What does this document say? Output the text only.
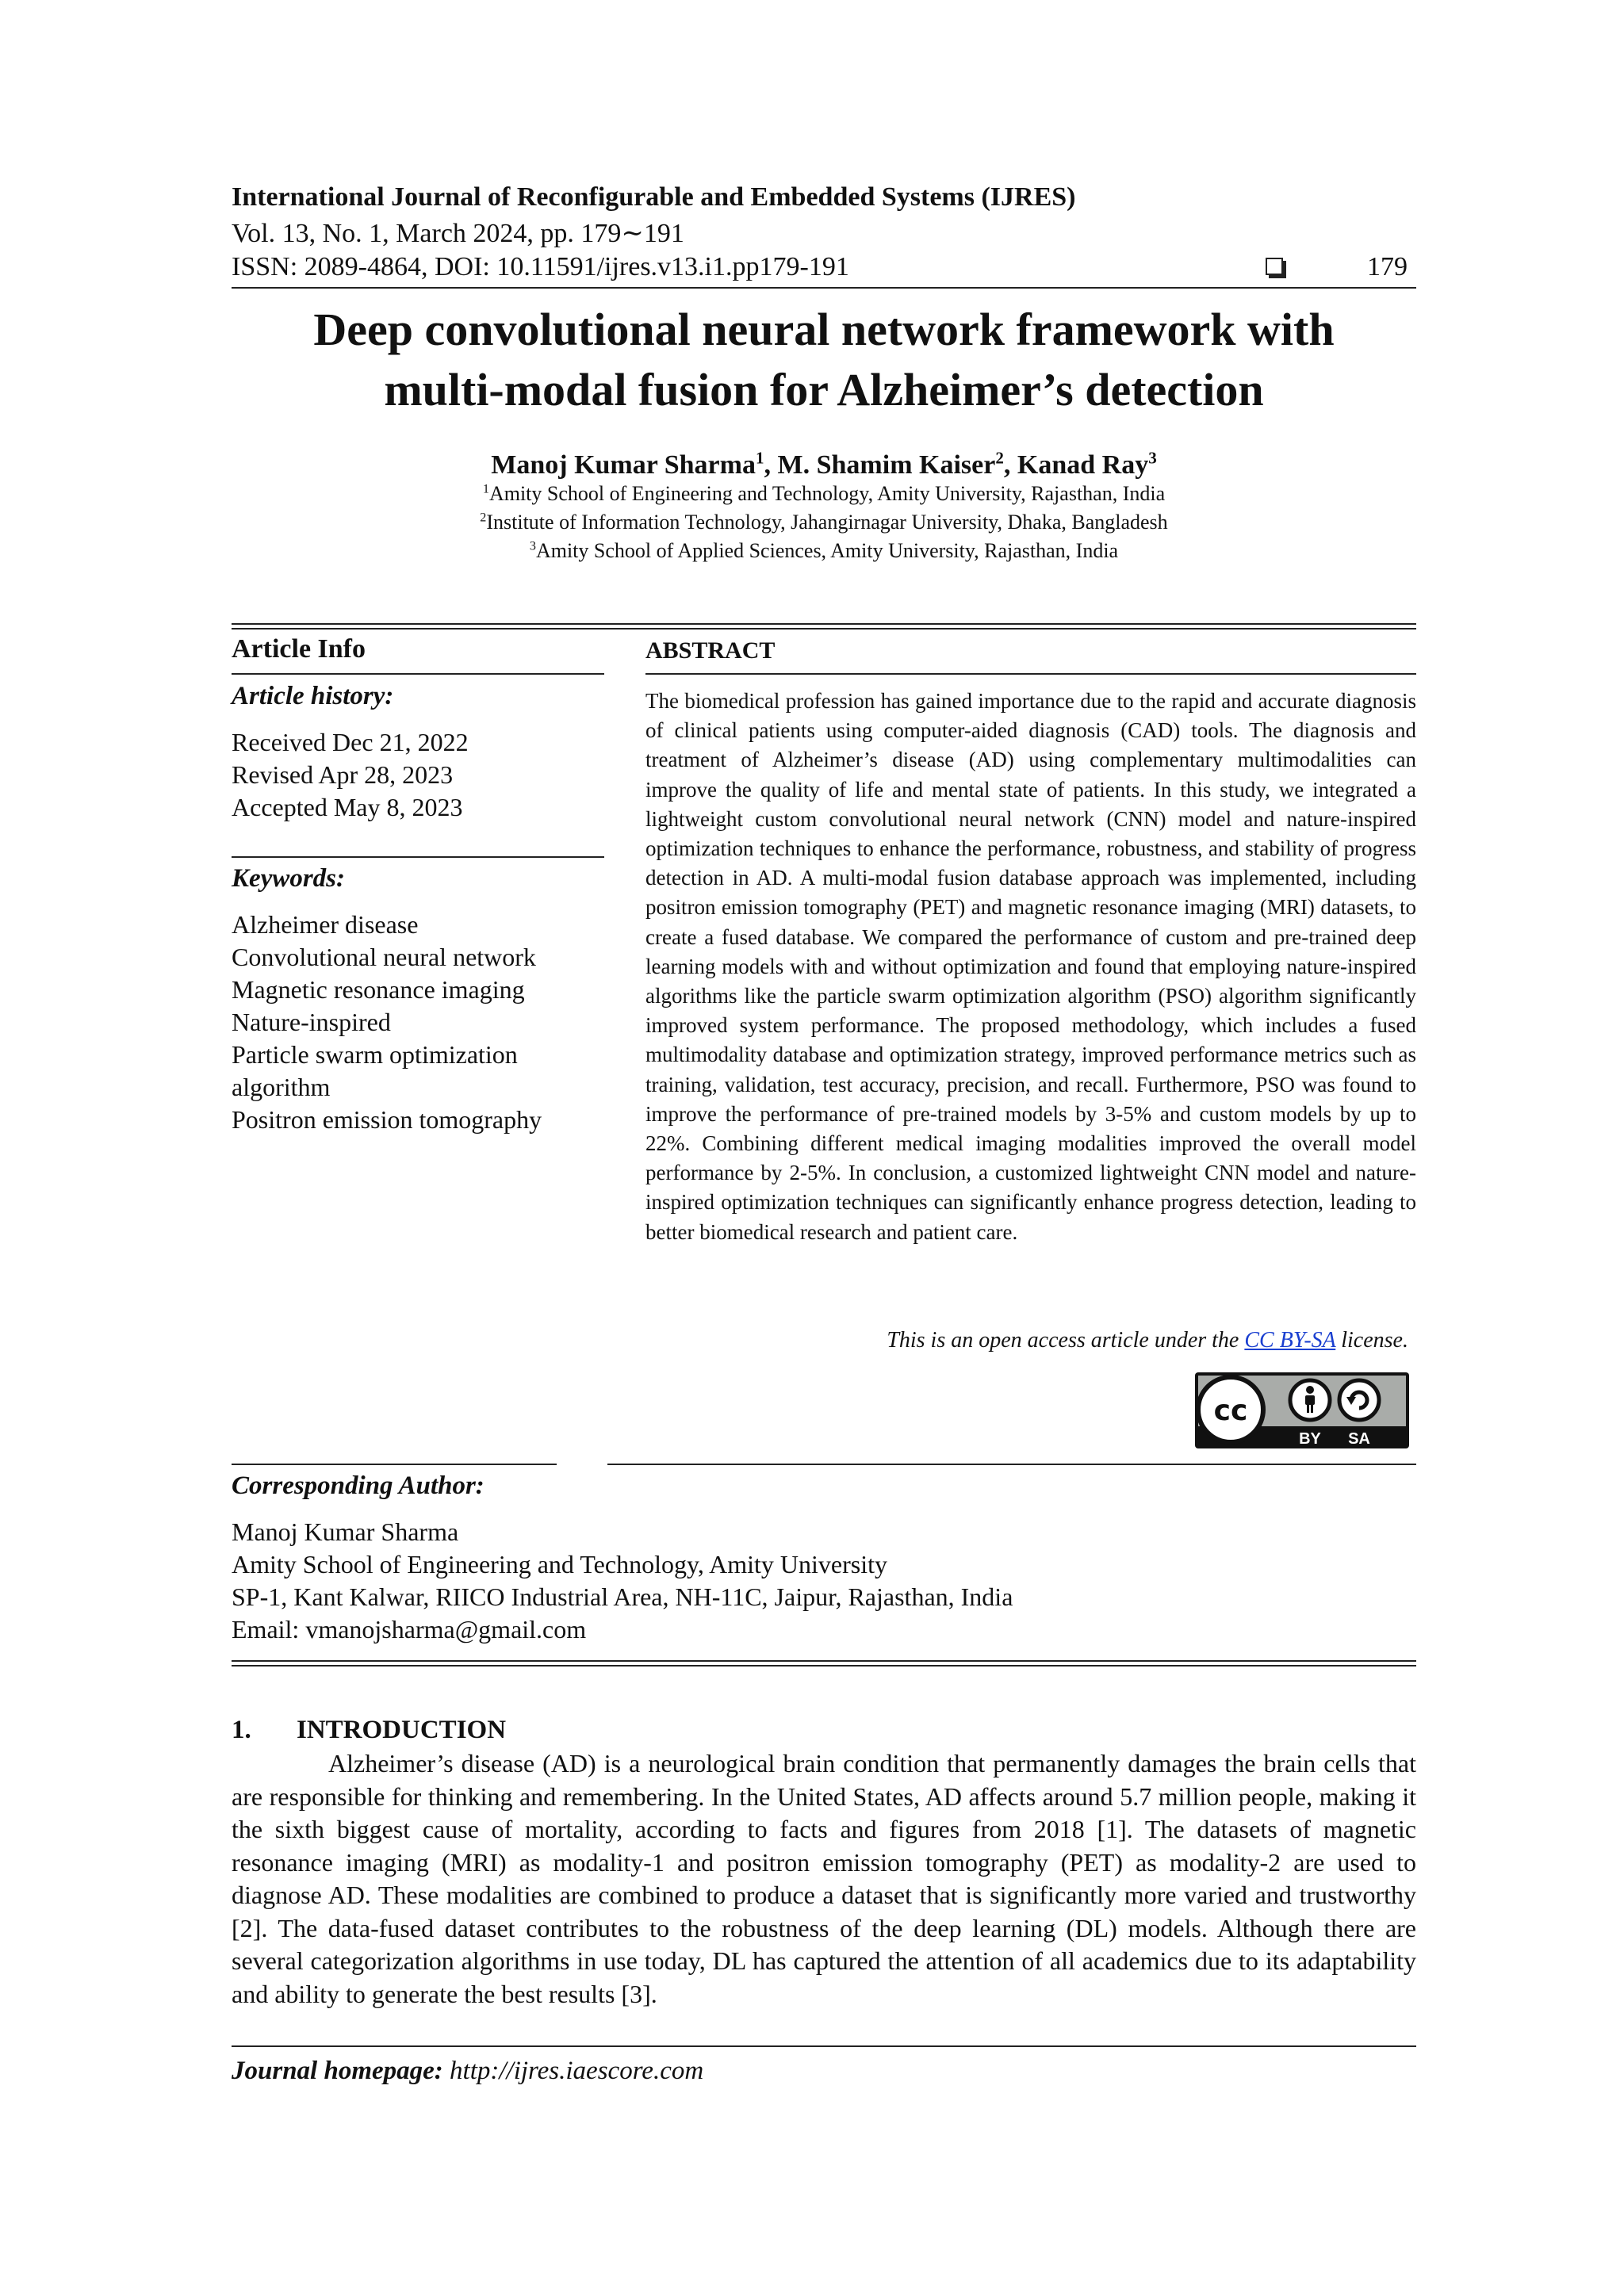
International Journal of Reconfigurable and Embedded Systems (IJRES)
Vol. 13, No. 1, March 2024, pp. 179∼191
ISSN: 2089-4864, DOI: 10.11591/ijres.v13.i1.pp179-191	179
Deep convolutional neural network framework with
multi-modal fusion for Alzheimer’s detection
Manoj Kumar Sharma$^1$, M. Shamim Kaiser$^2$, Kanad Ray$^3$
$^1$Amity School of Engineering and Technology, Amity University, Rajasthan, India
$^2$Institute of Information Technology, Jahangirnagar University, Dhaka, Bangladesh
$^3$Amity School of Applied Sciences, Amity University, Rajasthan, India
Article Info
Article history:
Received Dec 21, 2022
Revised Apr 28, 2023
Accepted May 8, 2023
Keywords:
Alzheimer disease
Convolutional neural network
Magnetic resonance imaging
Nature-inspired
Particle swarm optimization
algorithm
Positron emission tomography
ABSTRACT
The biomedical profession has gained importance due to the rapid and accurate diagnosis of clinical patients using computer-aided diagnosis (CAD) tools. The diagnosis and treatment of Alzheimer’s disease (AD) using complementary multimodalities can improve the quality of life and mental state of patients. In this study, we integrated a lightweight custom convolutional neural network (CNN) model and nature-inspired optimization techniques to enhance the performance, robustness, and stability of progress detection in AD. A multi-modal fusion database approach was implemented, including positron emission tomography (PET) and magnetic resonance imaging (MRI) datasets, to create a fused database. We compared the performance of custom and pre-trained deep learning models with and without optimization and found that employing nature-inspired algorithms like the particle swarm optimization algorithm (PSO) algorithm significantly improved system performance. The proposed methodology, which includes a fused multimodality database and optimization strategy, improved performance metrics such as training, validation, test accuracy, precision, and recall. Furthermore, PSO was found to improve the performance of pre-trained models by 3-5% and custom models by up to 22%. Combining different medical imaging modalities improved the overall model performance by 2-5%. In conclusion, a customized lightweight CNN model and nature-inspired optimization techniques can significantly enhance progress detection, leading to better biomedical research and patient care.
This is an open access article under the CC BY-SA license.
cc
BY SA
Corresponding Author:
Manoj Kumar Sharma
Amity School of Engineering and Technology, Amity University
SP-1, Kant Kalwar, RIICO Industrial Area, NH-11C, Jaipur, Rajasthan, India
Email: vmanojsharma@gmail.com
1. INTRODUCTION
Alzheimer’s disease (AD) is a neurological brain condition that permanently damages the brain cells that are responsible for thinking and remembering. In the United States, AD affects around 5.7 million people, making it the sixth biggest cause of mortality, according to facts and figures from 2018 [1]. The datasets of magnetic resonance imaging (MRI) as modality-1 and positron emission tomography (PET) as modality-2 are used to diagnose AD. These modalities are combined to produce a dataset that is significantly more varied and trustworthy [2]. The data-fused dataset contributes to the robustness of the deep learning (DL) models. Although there are several categorization algorithms in use today, DL has captured the attention of all academics due to its adaptability and ability to generate the best results [3].
Journal homepage: http://ijres.iaescore.com
